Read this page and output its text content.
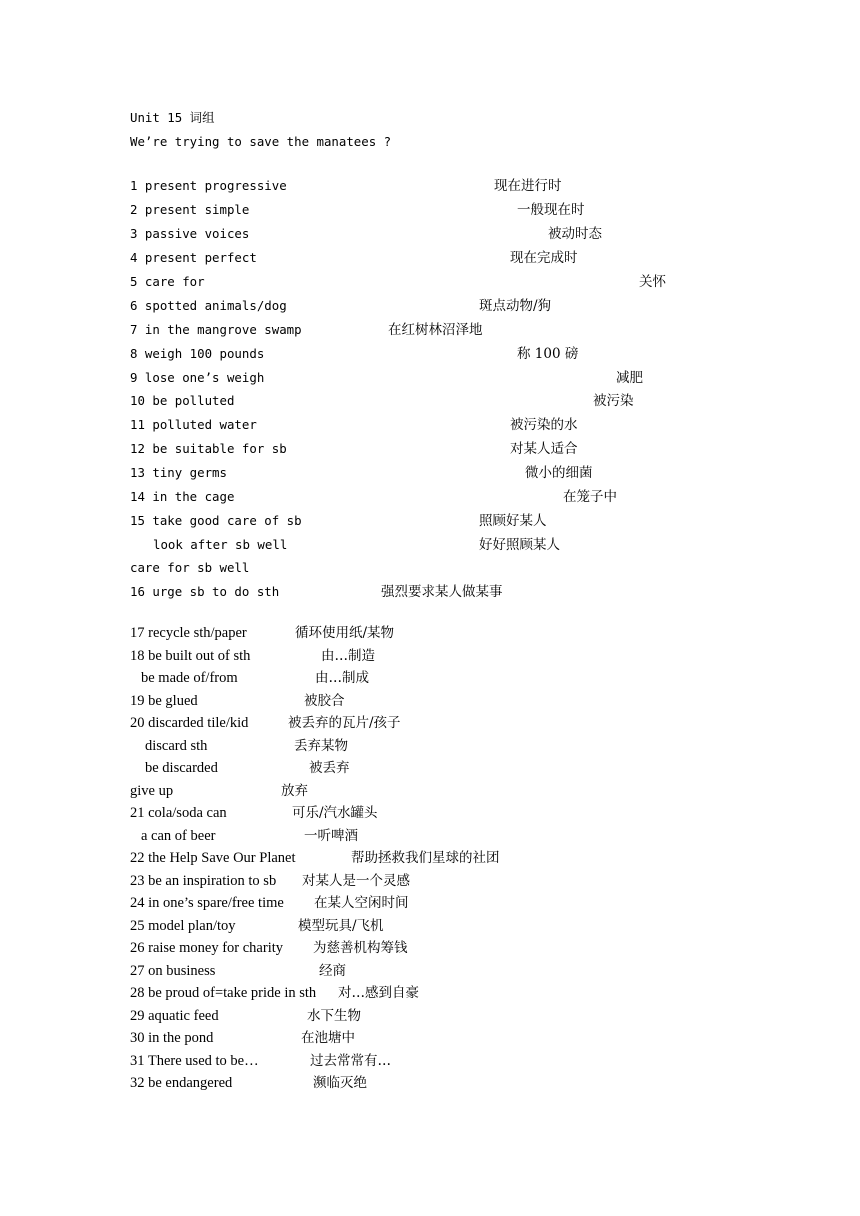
Unit 15 词组
We’re trying to save the manatees ?
1 present progressive	现在进行时
2 present simple	一般现在时
3 passive voices	被动时态
4 present perfect	现在完成时
5 care for	关怀
6 spotted animals/dog	斑点动物/狗
7 in the mangrove swamp	在红树林沼泽地
8 weigh 100 pounds	称 100 磅
9 lose one’s weigh	减肥
10 be polluted	被污染
11 polluted water	被污染的水
12 be suitable for sb	对某人适合
13 tiny germs	微小的细菌
14 in the cage	在笼子中
15 take good care of sb	照顾好某人
look after sb well	好好照顾某人
care for sb well
16 urge sb to do sth	强烈要求某人做某事
17 recycle sth/paper	循环使用纸/某物
18 be built out of sth	由…制造
be made of/from	由…制成
19 be glued	被胶合
20 discarded tile/kid	被丢弃的瓦片/孩子
discard sth	丢弃某物
be discarded	被丢弃
give up	放弃
21 cola/soda can	可乐/汽水罐头
a can of beer	一听啤酒
22 the Help Save Our Planet	帮助拯救我们星球的社团
23 be an inspiration to sb 对某人是一个灵感
24 in one’s spare/free time 在某人空闲时间
25 model plan/toy	模型玩具/飞机
26 raise money for charity 为慈善机构筹钱
27 on business	经商
28 be proud of=take pride in sth 对…感到自豪
29 aquatic feed	水下生物
30 in the pond	在池塘中
31 There used to be…	过去常常有…
32 be endangered	濒临灭绝
